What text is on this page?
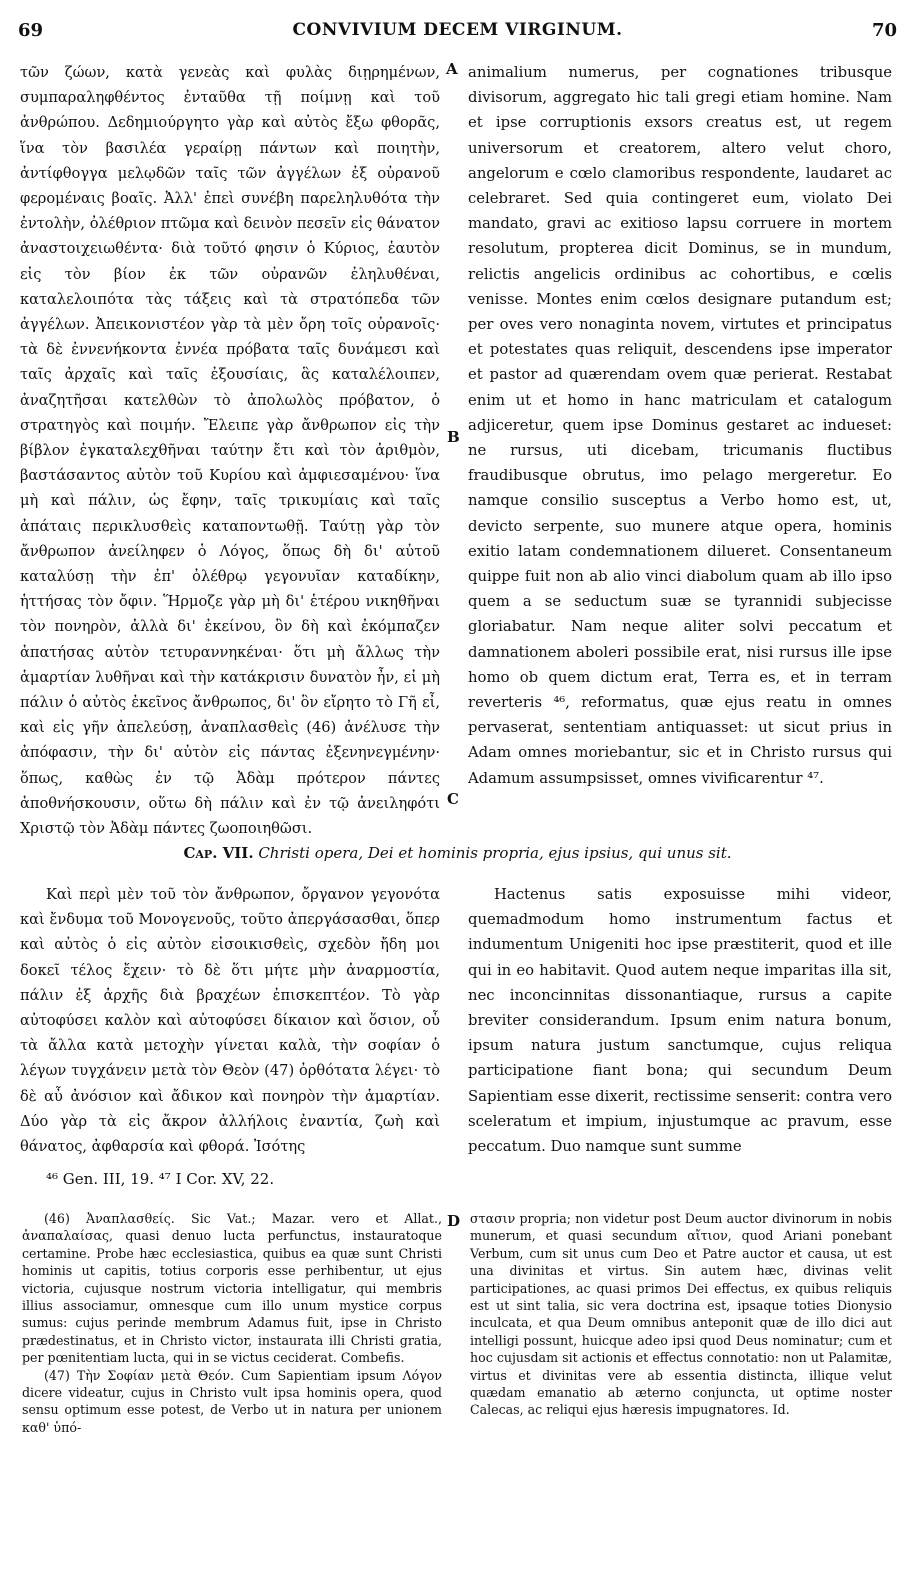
69	CONVIVIUM DECEM VIRGINUM.	70

τῶν ζώων, κατὰ γενεὰς καὶ φυλὰς διῃρημένων, συμπαραληφθέντος ἐνταῦθα τῇ ποίμνῃ καὶ τοῦ ἀνθρώπου. Δεδημιούργητο γὰρ καὶ αὐτὸς ἔξω φθορᾶς, ἵνα τὸν βασιλέα γεραίρῃ πάντων καὶ ποιητὴν, ἀντίφθογγα μελῳδῶν ταῖς τῶν ἀγγέλων ἐξ οὐρανοῦ φερομέναις βοαῖς. Ἀλλ' ἐπεὶ συνέβη παρεληλυθότα τὴν ἐντολὴν, ὀλέθριον πτῶμα καὶ δεινὸν πεσεῖν εἰς θάνατον ἀναστοιχειωθέντα· διὰ τοῦτό φησιν ὁ Κύριος, ἑαυτὸν εἰς τὸν βίον ἐκ τῶν οὐρανῶν ἐληλυθέναι, καταλελοιπότα τὰς τάξεις καὶ τὰ στρατόπεδα τῶν ἀγγέλων. Ἀπεικονιστέον γὰρ τὰ μὲν ὄρη τοῖς οὐρανοῖς· τὰ δὲ ἐννενήκοντα ἐννέα πρόβατα ταῖς δυνάμεσι καὶ ταῖς ἀρχαῖς καὶ ταῖς ἐξουσίαις, ἃς καταλέλοιπεν, ἀναζητῆσαι κατελθὼν τὸ ἀπολωλὸς πρόβατον, ὁ στρατηγὸς καὶ ποιμήν. Ἔλειπε γὰρ ἄνθρωπον εἰς τὴν βίβλον ἐγκαταλεχθῆναι ταύτην ἔτι καὶ τὸν ἀριθμὸν, βαστάσαντος αὐτὸν τοῦ Κυρίου καὶ ἀμφιεσαμένου· ἵνα μὴ καὶ πάλιν, ὡς ἔφην, ταῖς τρικυμίαις καὶ ταῖς ἀπάταις περικλυσθεὶς καταποντωθῇ. Ταύτῃ γὰρ τὸν ἄνθρωπον ἀνείληφεν ὁ Λόγος, ὅπως δὴ δι' αὐτοῦ καταλύσῃ τὴν ἐπ' ὀλέθρῳ γεγονυῖαν καταδίκην, ἡττήσας τὸν ὄφιν. Ἥρμοζε γὰρ μὴ δι' ἑτέρου νικηθῆναι τὸν πονηρὸν, ἀλλὰ δι' ἐκείνου, ὃν δὴ καὶ ἐκόμπαζεν ἀπατήσας αὐτὸν τετυραννηκέναι· ὅτι μὴ ἄλλως τὴν ἁμαρτίαν λυθῆναι καὶ τὴν κατάκρισιν δυνατὸν ἦν, εἰ μὴ πάλιν ὁ αὐτὸς ἐκεῖνος ἄνθρωπος, δι' ὃν εἴρητο τὸ Γῆ εἶ, καὶ εἰς γῆν ἀπελεύσῃ, ἀναπλασθεὶς (46) ἀνέλυσε τὴν ἀπόφασιν, τὴν δι' αὐτὸν εἰς πάντας ἐξενηνεγμένην· ὅπως, καθὼς ἐν τῷ Ἀδὰμ πρότερον πάντες ἀποθνήσκουσιν, οὕτω δὴ πάλιν καὶ ἐν τῷ ἀνειληφότι Χριστῷ τὸν Ἀδὰμ πάντες ζωοποιηθῶσι.

A
B
C
D

animalium numerus, per cognationes tribusque divisorum, aggregato hic tali gregi etiam homine. Nam et ipse corruptionis exsors creatus est, ut regem universorum et creatorem, altero velut choro, angelorum e cœlo clamoribus respondente, laudaret ac celebraret. Sed quia contingeret eum, violato Dei mandato, gravi ac exitioso lapsu corruere in mortem resolutum, propterea dicit Dominus, se in mundum, relictis angelicis ordinibus ac cohortibus, e cœlis venisse. Montes enim cœlos designare putandum est; per oves vero nonaginta novem, virtutes et principatus et potestates quas reliquit, descendens ipse imperator et pastor ad quærendam ovem quæ perierat. Restabat enim ut et homo in hanc matriculam et catalogum adjiceretur, quem ipse Dominus gestaret ac indueset: ne rursus, uti dicebam, tricumanis fluctibus fraudibusque obrutus, imo pelago mergeretur. Eo namque consilio susceptus a Verbo homo est, ut, devicto serpente, suo munere atque opera, hominis exitio latam condemnationem dilueret. Consentaneum quippe fuit non ab alio vinci diabolum quam ab illo ipso quem a se seductum suæ se tyrannidi subjecisse gloriabatur. Nam neque aliter solvi peccatum et damnationem aboleri possibile erat, nisi rursus ille ipse homo ob quem dictum erat, Terra es, et in terram reverteris ⁴⁶, reformatus, quæ ejus reatu in omnes pervaserat, sententiam antiquasset: ut sicut prius in Adam omnes moriebantur, sic et in Christo rursus qui Adamum assumpsisset, omnes vivificarentur ⁴⁷.

Cap. VII. Christi opera, Dei et hominis propria, ejus ipsius, qui unus sit.

Καὶ περὶ μὲν τοῦ τὸν ἄνθρωπον, ὄργανον γεγονότα καὶ ἔνδυμα τοῦ Μονογενοῦς, τοῦτο ἀπεργάσασθαι, ὅπερ καὶ αὐτὸς ὁ εἰς αὐτὸν εἰσοικισθεὶς, σχεδὸν ἤδη μοι δοκεῖ τέλος ἔχειν· τὸ δὲ ὅτι μήτε μὴν ἀναρμοστία, πάλιν ἐξ ἀρχῆς διὰ βραχέων ἐπισκεπτέον. Τὸ γὰρ αὐτοφύσει καλὸν καὶ αὐτοφύσει δίκαιον καὶ ὅσιον, οὗ τὰ ἄλλα κατὰ μετοχὴν γίνεται καλὰ, τὴν σοφίαν ὁ λέγων τυγχάνειν μετὰ τὸν Θεὸν (47) ὀρθότατα λέγει· τὸ δὲ αὖ ἀνόσιον καὶ ἄδικον καὶ πονηρὸν τὴν ἁμαρτίαν. Δύο γὰρ τὰ εἰς ἄκρον ἀλλήλοις ἐναντία, ζωὴ καὶ θάνατος, ἀφθαρσία καὶ φθορά. Ἰσότης

Hactenus satis exposuisse mihi videor, quemadmodum homo instrumentum factus et indumentum Unigeniti hoc ipse præstiterit, quod et ille qui in eo habitavit. Quod autem neque imparitas illa sit, nec inconcinnitas dissonantiaque, rursus a capite breviter considerandum. Ipsum enim natura bonum, ipsum natura justum sanctumque, cujus reliqua participatione fiant bona; qui secundum Deum Sapientiam esse dixerit, rectissime senserit: contra vero sceleratum et impium, injustumque ac pravum, esse peccatum. Duo namque sunt summe

⁴⁶ Gen. III, 19. ⁴⁷ I Cor. XV, 22.

(46) Ἀναπλασθείς. Sic Vat.; Mazar. vero et Allat., ἀναπαλαίσας, quasi denuo lucta perfunctus, instauratoque certamine. Probe hæc ecclesiastica, quibus ea quæ sunt Christi hominis ut capitis, totius corporis esse perhibentur, ut ejus victoria, cujusque nostrum victoria intelligatur, qui membris illius associamur, omnesque cum illo unum mystice corpus sumus: cujus perinde membrum Adamus fuit, ipse in Christo prædestinatus, et in Christo victor, instaurata illi Christi gratia, per pœnitentiam lucta, qui in se victus ceciderat. Combefis.

(47) Τὴν Σοφίαν μετὰ Θεόν. Cum Sapientiam ipsum Λόγον dicere videatur, cujus in Christo vult ipsa hominis opera, quod sensu optimum esse potest, de Verbo ut in natura per unionem καθ' ὑπό-

στασιν propria; non videtur post Deum auctor divinorum in nobis munerum, et quasi secundum αἴτιον, quod Ariani ponebant Verbum, cum sit unus cum Deo et Patre auctor et causa, ut est una divinitas et virtus. Sin autem hæc, divinas velit participationes, ac quasi primos Dei effectus, ex quibus reliquis est ut sint talia, sic vera doctrina est, ipsaque toties Dionysio inculcata, et qua Deum omnibus anteponit quæ de illo dici aut intelligi possunt, huicque adeo ipsi quod Deus nominatur; cum et hoc cujusdam sit actionis et effectus connotatio: non ut Palamitæ, virtus et divinitas vere ab essentia distincta, illique velut quædam emanatio ab æterno conjuncta, ut optime noster Calecas, ac reliqui ejus hæresis impugnatores. Id.
